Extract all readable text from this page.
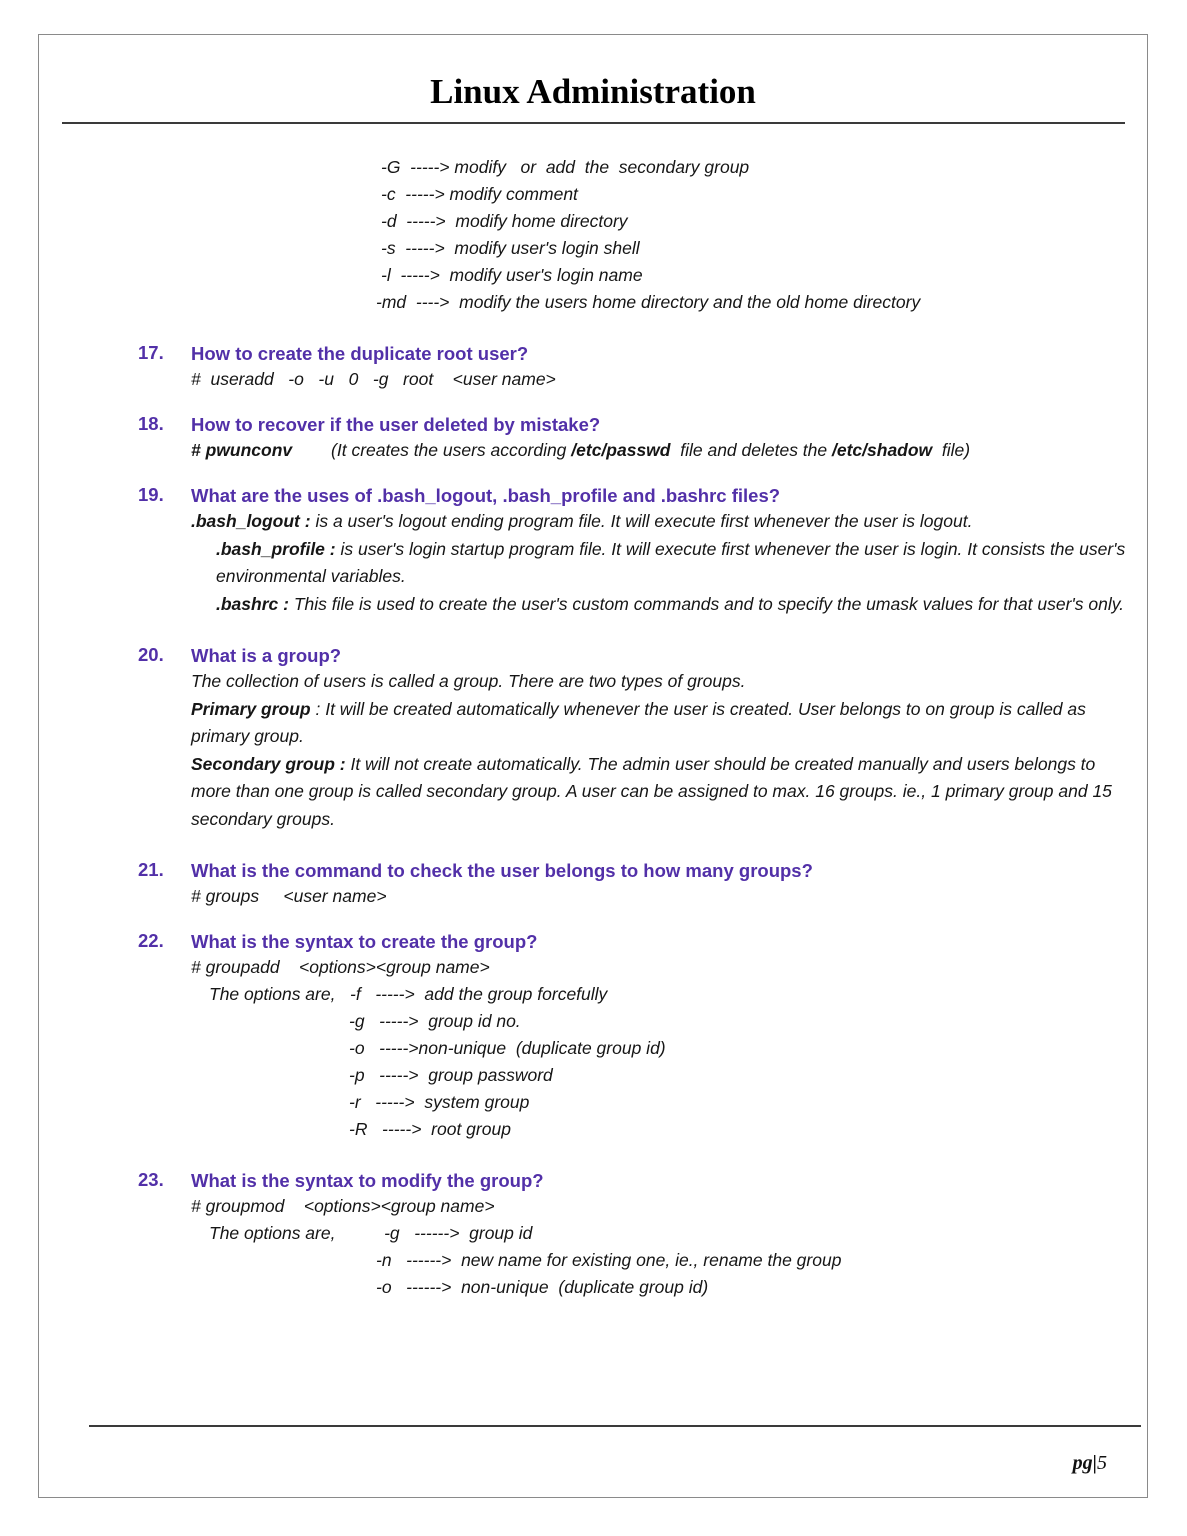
Linux Administration
-G  -----> modify   or  add  the  secondary group
-c  -----> modify comment
-d  ----->  modify home directory
-s  ----->  modify user's login shell
-l  ----->  modify user's login name
-md  ---->  modify the users home directory and the old home directory
17.	How to create the duplicate root user?
#  useradd   -o   -u   0   -g   root    <user name>
18.	How to recover if the user deleted by mistake?
# pwunconv (It creates the users according /etc/passwd  file and deletes the /etc/shadow  file)
19.	What are the uses of .bash_logout, .bash_profile and .bashrc files?
.bash_logout : is a user's logout ending program file. It will execute first whenever the user is logout.
.bash_profile : is user's login startup program file. It will execute first whenever the user is login. It consists the user's environmental variables.
.bashrc : This file is used to create the user's custom commands and to specify the umask values for that user's only.
20.	What is a group?
The collection of users is called a group. There are two types of groups.
Primary group : It will be created automatically whenever the user is created. User belongs to on group is called as primary group.
Secondary group : It will not create automatically. The admin user should be created manually and users belongs to more than one group is called secondary group. A user can be assigned to max. 16 groups. ie., 1 primary group and 15 secondary groups.
21.	What is the command to check the user belongs to how many groups?
# groups     <user name>
22.	What is the syntax to create the group?
# groupadd    <options><group name>
The options are,   -f   ----->  add the group forcefully
-g   ----->  group id no.
-o   ----->non-unique  (duplicate group id)
-p   ----->  group password
-r   ----->  system group
-R   ----->  root group
23.	What is the syntax to modify the group?
# groupmod    <options><group name>
The options are,          -g   ------>  group id
-n   ------>  new name for existing one, ie., rename the group
-o   ------>  non-unique  (duplicate group id)
pg|5
